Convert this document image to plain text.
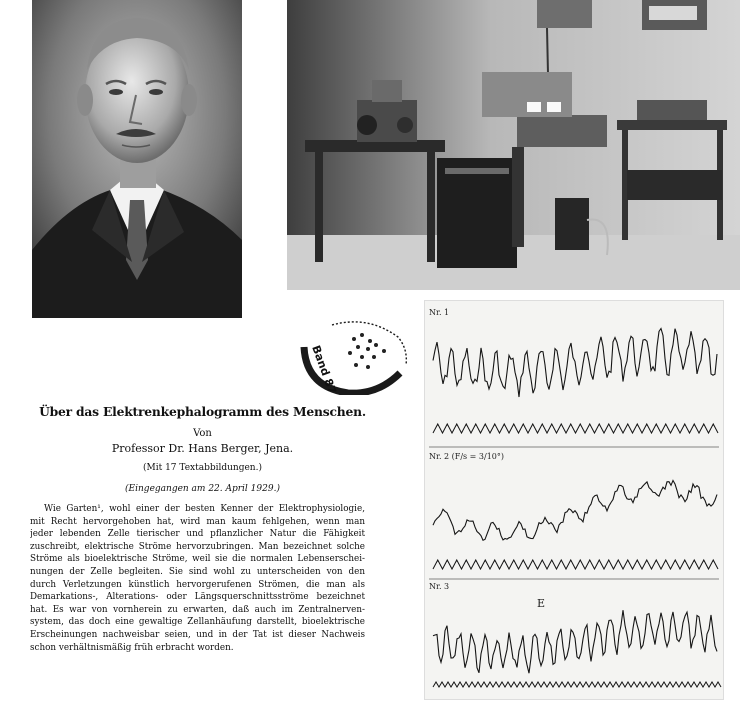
Band 87
Über das Elektrenkephalogramm des Menschen.
Von
Professor Dr. Hans Berger, Jena.
(Mit 17 Textabbildungen.)
(Eingegangen am 22. April 1929.)
Wie Garten¹, wohl einer der besten Kenner der Elektrophysiologie,
mit Recht hervorgehoben hat, wird man kaum fehlgehen, wenn man
jeder lebenden Zelle tierischer und pflanzlicher Natur die Fähigkeit
zuschreibt, elektrische Ströme hervorzubringen. Man bezeichnet solche
Ströme als bioelektrische Ströme, weil sie die normalen Lebenserschei-
nungen der Zelle begleiten. Sie sind wohl zu unterscheiden von den
durch Verletzungen künstlich hervorgerufenen Strömen, die man als
Demarkations-, Alterations- oder Längsquerschnittsströme bezeichnet
hat. Es war von vornherein zu erwarten, daß auch im Zentralnerven-
system, das doch eine gewaltige Zellanhäufung darstellt, bioelektrische
Erscheinungen nachweisbar seien, und in der Tat ist dieser Nachweis
schon verhältnismäßig früh erbracht worden.
Nr. 1
Nr. 2 (F/s = 3/10°)
Nr. 3
E
